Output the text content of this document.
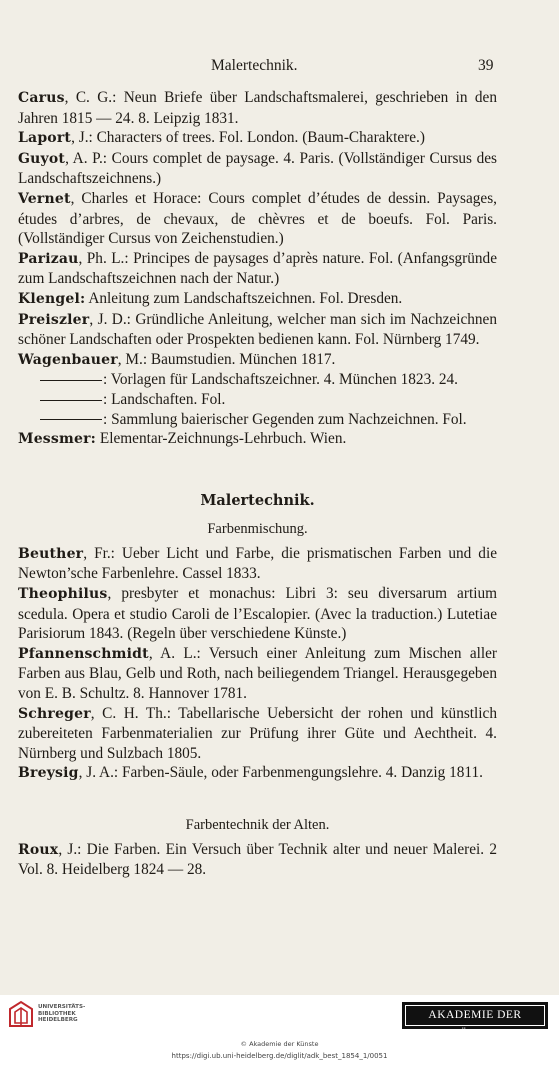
Malertechnik.	39

Carus, C. G.: Neun Briefe über Landschaftsmalerei, geschrieben in den Jahren 1815 — 24. 8. Leipzig 1831.

Laport, J.: Characters of trees. Fol. London. (Baum-Charaktere.)

Guyot, A. P.: Cours complet de paysage. 4. Paris. (Vollständiger Cursus des Landschaftszeichnens.)

Vernet, Charles et Horace: Cours complet d’études de dessin. Paysages, études d’arbres, de chevaux, de chèvres et de boeufs. Fol. Paris. (Vollständiger Cursus von Zeichenstudien.)

Parizau, Ph. L.: Principes de paysages d’après nature. Fol. (Anfangsgründe zum Landschaftszeichnen nach der Natur.)

Klengel: Anleitung zum Landschaftszeichnen. Fol. Dresden.

Preiszler, J. D.: Gründliche Anleitung, welcher man sich im Nachzeichnen schöner Landschaften oder Prospekten bedienen kann. Fol. Nürnberg 1749.

Wagenbauer, M.: Baumstudien. München 1817.

: Vorlagen für Landschaftszeichner. 4. München 1823. 24.

: Landschaften. Fol.

: Sammlung baierischer Gegenden zum Nachzeichnen. Fol.

Messmer: Elementar-Zeichnungs-Lehrbuch. Wien.

Malertechnik.
Farbenmischung.

Beuther, Fr.: Ueber Licht und Farbe, die prismatischen Farben und die Newton’sche Farbenlehre. Cassel 1833.

Theophilus, presbyter et monachus: Libri 3: seu diversarum artium scedula. Opera et studio Caroli de l’Escalopier. (Avec la traduction.) Lutetiae Parisiorum 1843. (Regeln über verschiedene Künste.)

Pfannenschmidt, A. L.: Versuch einer Anleitung zum Mischen aller Farben aus Blau, Gelb und Roth, nach beiliegendem Triangel. Herausgegeben von E. B. Schultz. 8. Hannover 1781.

Schreger, C. H. Th.: Tabellarische Uebersicht der rohen und künstlich zubereiteten Farbenmaterialien zur Prüfung ihrer Güte und Aechtheit. 4. Nürnberg und Sulzbach 1805.

Breysig, J. A.: Farben-Säule, oder Farbenmengungslehre. 4. Danzig 1811.

Farbentechnik der Alten.

Roux, J.: Die Farben. Ein Versuch über Technik alter und neuer Malerei. 2 Vol. 8. Heidelberg 1824 — 28.

UNIVERSITÄTS-
BIBLIOTHEK
HEIDELBERG	AKADEMIE DER KÜNSTE
© Akademie der Künste
https://digi.ub.uni-heidelberg.de/diglit/adk_best_1854_1/0051
